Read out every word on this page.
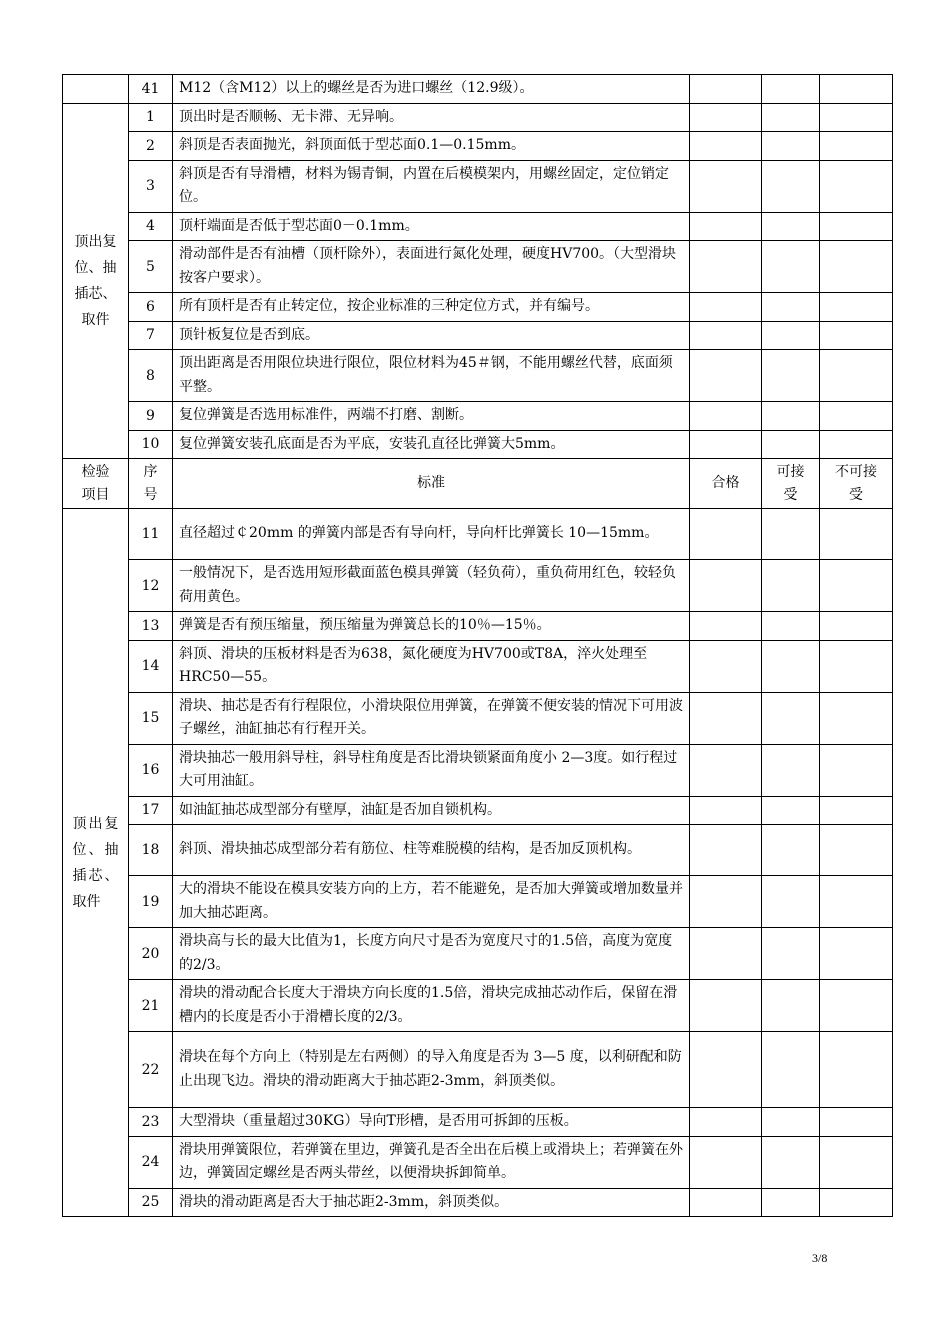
	41	M12（含M12）以上的螺丝是否为进口螺丝（12.9级）。			
顶出复位、抽插芯、取件	1	顶出时是否顺畅、无卡滞、无异响。			
	2	斜顶是否表面抛光，斜顶面低于型芯面0.1—0.15mm。			
	3	斜顶是否有导滑槽，材料为锡青铜，内置在后模模架内，用螺丝固定，定位销定位。			
	4	顶杆端面是否低于型芯面0－0.1mm。			
	5	滑动部件是否有油槽（顶杆除外），表面进行氮化处理，硬度HV700。（大型滑块按客户要求）。			
	6	所有顶杆是否有止转定位，按企业标准的三种定位方式，并有编号。			
	7	顶针板复位是否到底。			
	8	顶出距离是否用限位块进行限位，限位材料为45＃钢，不能用螺丝代替，底面须平整。			
	9	复位弹簧是否选用标准件，两端不打磨、割断。			
	10	复位弹簧安装孔底面是否为平底，安装孔直径比弹簧大5mm。			
检验项目	序号	标准	合格	可接受	不可接受
顶出复位、抽插芯、取件	11	直径超过￠20mm 的弹簧内部是否有导向杆，导向杆比弹簧长 10—15mm。			
	12	一般情况下，是否选用短形截面蓝色模具弹簧（轻负荷），重负荷用红色，较轻负荷用黄色。			
	13	弹簧是否有预压缩量，预压缩量为弹簧总长的10％—15％。			
	14	斜顶、滑块的压板材料是否为638，氮化硬度为HV700或T8A，淬火处理至HRC50—55。			
	15	滑块、抽芯是否有行程限位，小滑块限位用弹簧，在弹簧不便安装的情况下可用波子螺丝，油缸抽芯有行程开关。			
	16	滑块抽芯一般用斜导柱，斜导柱角度是否比滑块锁紧面角度小 2—3度。如行程过大可用油缸。			
	17	如油缸抽芯成型部分有壁厚，油缸是否加自锁机构。			
	18	斜顶、滑块抽芯成型部分若有筋位、柱等难脱模的结构，是否加反顶机构。			
	19	大的滑块不能设在模具安装方向的上方，若不能避免，是否加大弹簧或增加数量并加大抽芯距离。			
	20	滑块高与长的最大比值为1，长度方向尺寸是否为宽度尺寸的1.5倍，高度为宽度的2/3。			
	21	滑块的滑动配合长度大于滑块方向长度的1.5倍，滑块完成抽芯动作后，保留在滑槽内的长度是否小于滑槽长度的2/3。			
	22	滑块在每个方向上（特别是左右两侧）的导入角度是否为 3—5 度，以利研配和防止出现飞边。滑块的滑动距离大于抽芯距2-3mm，斜顶类似。			
	23	大型滑块（重量超过30KG）导向T形槽，是否用可拆卸的压板。			
	24	滑块用弹簧限位，若弹簧在里边，弹簧孔是否全出在后模上或滑块上；若弹簧在外边，弹簧固定螺丝是否两头带丝，以便滑块拆卸简单。			
	25	滑块的滑动距离是否大于抽芯距2-3mm，斜顶类似。			
3/8
